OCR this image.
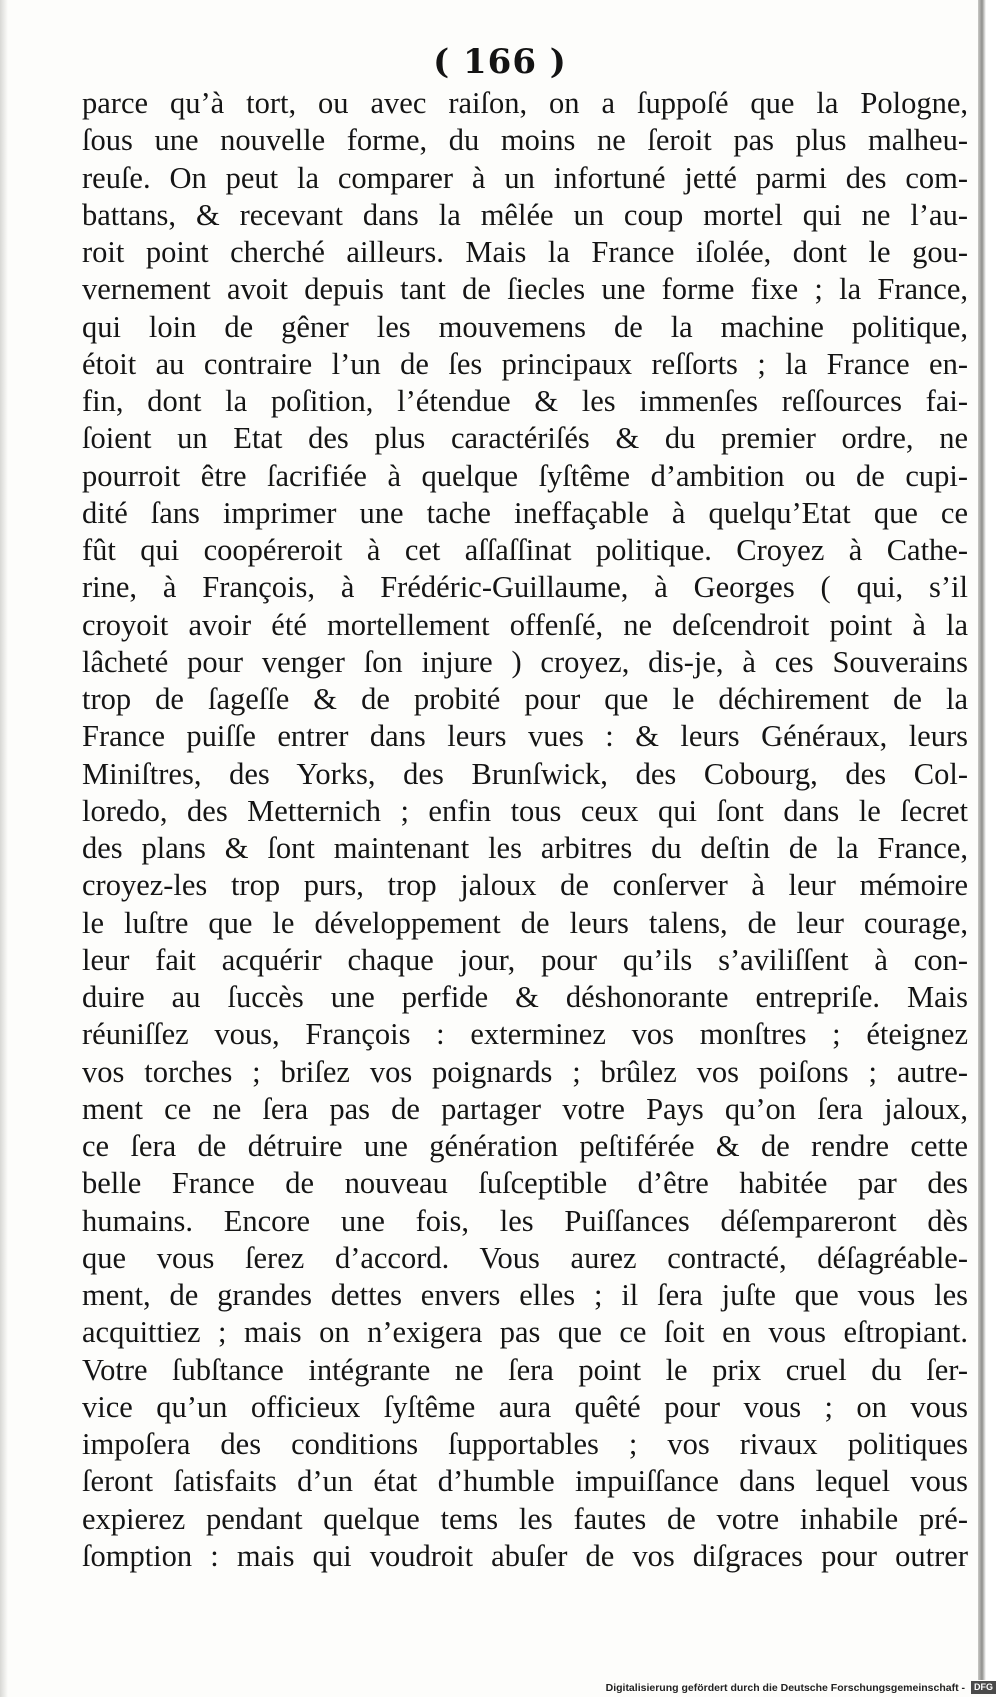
( 166 )
parce qu’à tort, ou avec raiſon, on a ſuppoſé que la Pologne,
ſous une nouvelle forme, du moins ne ſeroit pas plus malheu-
reuſe. On peut la comparer à un infortuné jetté parmi des com-
battans, & recevant dans la mêlée un coup mortel qui ne l’au-
roit point cherché ailleurs. Mais la France iſolée, dont le gou-
vernement avoit depuis tant de ſiecles une forme fixe ; la France,
qui loin de gêner les mouvemens de la machine politique,
étoit au contraire l’un de ſes principaux reſſorts ; la France en-
fin, dont la poſition, l’étendue & les immenſes reſſources fai-
ſoient un Etat des plus caractériſés & du premier ordre, ne
pourroit être ſacrifiée à quelque ſyſtême d’ambition ou de cupi-
dité ſans imprimer une tache ineffaçable à quelqu’Etat que ce
fût qui coopéreroit à cet aſſaſſinat politique. Croyez à Cathe-
rine, à François, à Frédéric-Guillaume, à Georges ( qui, s’il
croyoit avoir été mortellement offenſé, ne deſcendroit point à la
lâcheté pour venger ſon injure ) croyez, dis-je, à ces Souverains
trop de ſageſſe & de probité pour que le déchirement de la
France puiſſe entrer dans leurs vues : & leurs Généraux, leurs
Miniſtres, des Yorks, des Brunſwick, des Cobourg, des Col-
loredo, des Metternich ; enfin tous ceux qui ſont dans le ſecret
des plans & ſont maintenant les arbitres du deſtin de la France,
croyez-les trop purs, trop jaloux de conſerver à leur mémoire
le luſtre que le développement de leurs talens, de leur courage,
leur fait acquérir chaque jour, pour qu’ils s’aviliſſent à con-
duire au ſuccès une perfide & déshonorante entrepriſe. Mais
réuniſſez vous, François : exterminez vos monſtres ; éteignez
vos torches ; briſez vos poignards ; brûlez vos poiſons ; autre-
ment ce ne ſera pas de partager votre Pays qu’on ſera jaloux,
ce ſera de détruire une génération peſtiférée & de rendre cette
belle France de nouveau ſuſceptible d’être habitée par des
humains. Encore une fois, les Puiſſances déſempareront dès
que vous ſerez d’accord. Vous aurez contracté, déſagréable-
ment, de grandes dettes envers elles ; il ſera juſte que vous les
acquittiez ; mais on n’exigera pas que ce ſoit en vous eſtropiant.
Votre ſubſtance intégrante ne ſera point le prix cruel du ſer-
vice qu’un officieux ſyſtême aura quêté pour vous ; on vous
impoſera des conditions ſupportables ; vos rivaux politiques
ſeront ſatisfaits d’un état d’humble impuiſſance dans lequel vous
expierez pendant quelque tems les fautes de votre inhabile pré-
ſomption : mais qui voudroit abuſer de vos diſgraces pour outrer
Digitalisierung gefördert durch die Deutsche Forschungsgemeinschaft -	DFG
